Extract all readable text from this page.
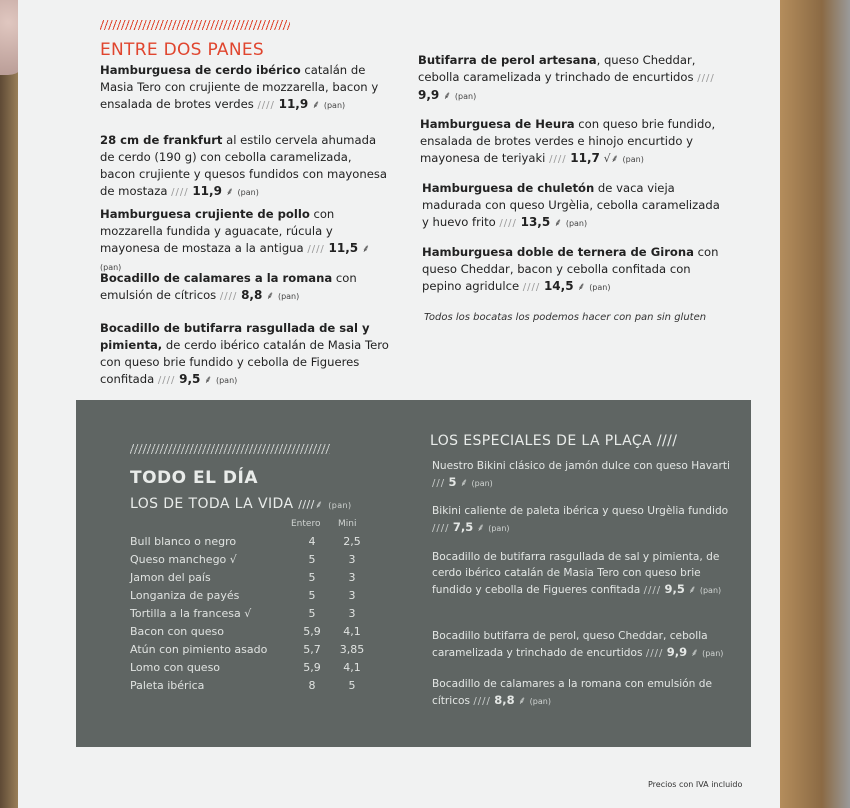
ENTRE DOS PANES
Hamburguesa de cerdo ibérico catalán de Masia Tero con crujiente de mozzarella, bacon y ensalada de brotes verdes //// 11,9 ⸙ (pan)
28 cm de frankfurt al estilo cervela ahumada de cerdo (190 g) con cebolla caramelizada, bacon crujiente y quesos fundidos con mayonesa de mostaza //// 11,9 ⸙ (pan)
Hamburguesa crujiente de pollo con mozzarella fundida y aguacate, rúcula y mayonesa de mostaza a la antigua //// 11,5 ⸙ (pan)
Bocadillo de calamares a la romana con emulsión de cítricos //// 8,8 ⸙ (pan)
Bocadillo de butifarra rasgullada de sal y pimienta, de cerdo ibérico catalán de Masia Tero con queso brie fundido y cebolla de Figueres confitada //// 9,5 ⸙ (pan)
Butifarra de perol artesana, queso Cheddar, cebolla caramelizada y trinchado de encurtidos //// 9,9 ⸙ (pan)
Hamburguesa de Heura con queso brie fundido, ensalada de brotes verdes e hinojo encurtido y mayonesa de teriyaki //// 11,7 √⸙ (pan)
Hamburguesa de chuletón de vaca vieja madurada con queso Urgèlia, cebolla caramelizada y huevo frito //// 13,5 ⸙ (pan)
Hamburguesa doble de ternera de Girona con queso Cheddar, bacon y cebolla confitada con pepino agridulce //// 14,5 ⸙ (pan)
Todos los bocatas los podemos hacer con pan sin gluten
Precios con IVA incluido
TODO EL DÍA
LOS DE TODA LA VIDA ////⸙ (pan)
Entero Mini
Bull blanco o negro	4	2,5
Queso manchego √	5	3
Jamon del país	5	3
Longaniza de payés	5	3
Tortilla a la francesa √	5	3
Bacon con queso	5,9	4,1
Atún con pimiento asado	5,7	3,85
Lomo con queso	5,9	4,1
Paleta ibérica	8	5
LOS ESPECIALES DE LA PLAÇA ////
Nuestro Bikini clásico de jamón dulce con queso Havarti /// 5 ⸙ (pan)
Bikini caliente de paleta ibérica y queso Urgèlia fundido //// 7,5 ⸙ (pan)
Bocadillo de butifarra rasgullada de sal y pimienta, de cerdo ibérico catalán de Masia Tero con queso brie fundido y cebolla de Figueres confitada //// 9,5 ⸙ (pan)
Bocadillo butifarra de perol, queso Cheddar, cebolla caramelizada y trinchado de encurtidos //// 9,9 ⸙ (pan)
Bocadillo de calamares a la romana con emulsión de cítricos //// 8,8 ⸙ (pan)
